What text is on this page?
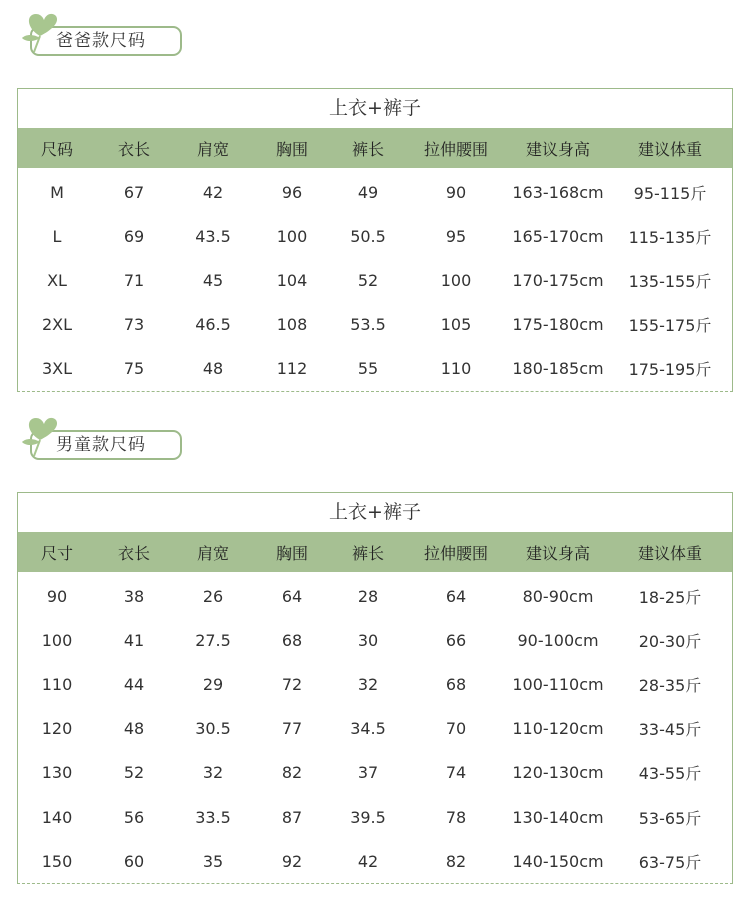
爸爸款尺码
上衣+裤子
尺码	衣长	肩宽	胸围	裤长	拉伸腰围	建议身高	建议体重
M	67	42	96	49	90	163-168cm	95-115斤
L	69	43.5	100	50.5	95	165-170cm	115-135斤
XL	71	45	104	52	100	170-175cm	135-155斤
2XL	73	46.5	108	53.5	105	175-180cm	155-175斤
3XL	75	48	112	55	110	180-185cm	175-195斤
男童款尺码
上衣+裤子
尺寸	衣长	肩宽	胸围	裤长	拉伸腰围	建议身高	建议体重
90	38	26	64	28	64	80-90cm	18-25斤
100	41	27.5	68	30	66	90-100cm	20-30斤
110	44	29	72	32	68	100-110cm	28-35斤
120	48	30.5	77	34.5	70	110-120cm	33-45斤
130	52	32	82	37	74	120-130cm	43-55斤
140	56	33.5	87	39.5	78	130-140cm	53-65斤
150	60	35	92	42	82	140-150cm	63-75斤
